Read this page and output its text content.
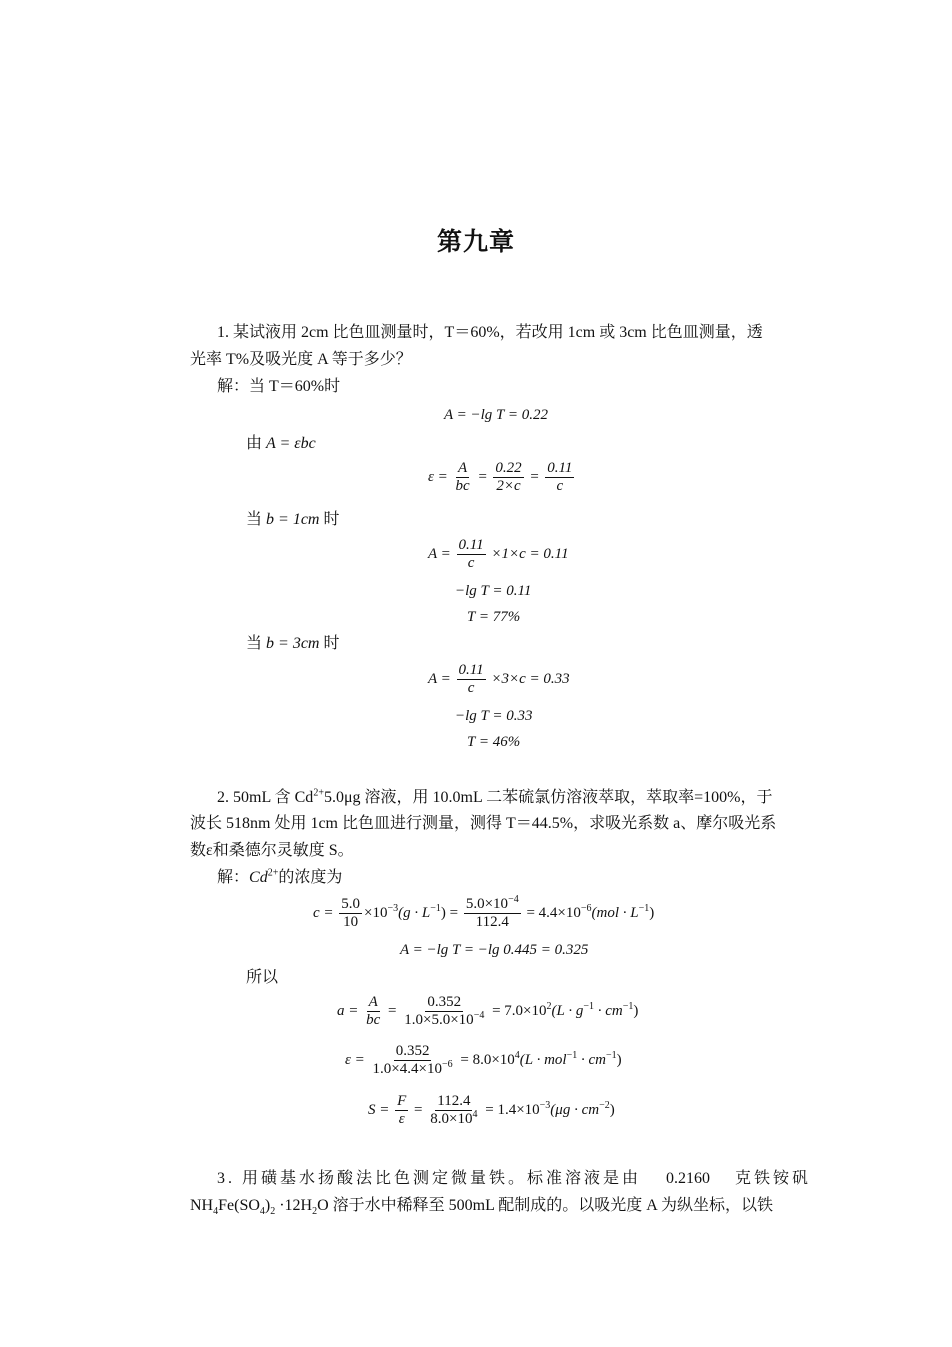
第九章
1. 某试液用 2cm 比色皿测量时，T＝60%，若改用 1cm 或 3cm 比色皿测量，透
光率 T%及吸光度 A 等于多少？
解：当 T＝60%时
A = −lg T = 0.22
由 A = εbc
$\varepsilon = \frac{A}{bc} = \frac{0.22}{2\times c} = \frac{0.11}{c}$
当 b = 1cm 时
$A = \frac{0.11}{c} \times 1\times c = 0.11$
−lg T = 0.11
T = 77%
当 b = 3cm 时
$A = \frac{0.11}{c} \times 3\times c = 0.33$
−lg T = 0.33
T = 46%
2. 50mL 含 $Cd^{2+}5.0\mu g$ 溶液，用 10.0mL 二苯硫氯仿溶液萃取，萃取率=100%，于
波长 518nm 处用 1cm 比色皿进行测量，测得 T＝44.5%，求吸光系数 a、摩尔吸光系
数ε和桑德尔灵敏度 S。
解：$Cd^{2+}$的浓度为
$c = \frac{5.0}{10} \times 10^{-3}(g \cdot L^{-1}) = \frac{5.0\times 10^{-4}}{112.4} = 4.4\times 10^{-6}(mol \cdot L^{-1})$
A = −lg T = −lg 0.445 = 0.325
所以
$a = \frac{A}{bc} = \frac{0.352}{1.0\times 5.0\times 10^{-4}} = 7.0\times 10^2(L \cdot g^{-1} \cdot cm^{-1})$
$\varepsilon = \frac{0.352}{1.0\times 4.4\times 10^{-6}} = 8.0\times 10^4(L \cdot mol^{-1} \cdot cm^{-1})$
$S = \frac{F}{\varepsilon} = \frac{112.4}{8.0\times 10^4} = 1.4\times 10^{-3}(\mu g \cdot cm^{-2})$
3. 用磺基水扬酸法比色测定微量铁。标准溶液是由 0.2160 克铁铵矾
$NH_4Fe(SO_4)_2 \cdot 12H_2O$ 溶于水中稀释至 500mL 配制成的。以吸光度 A 为纵坐标，以铁
